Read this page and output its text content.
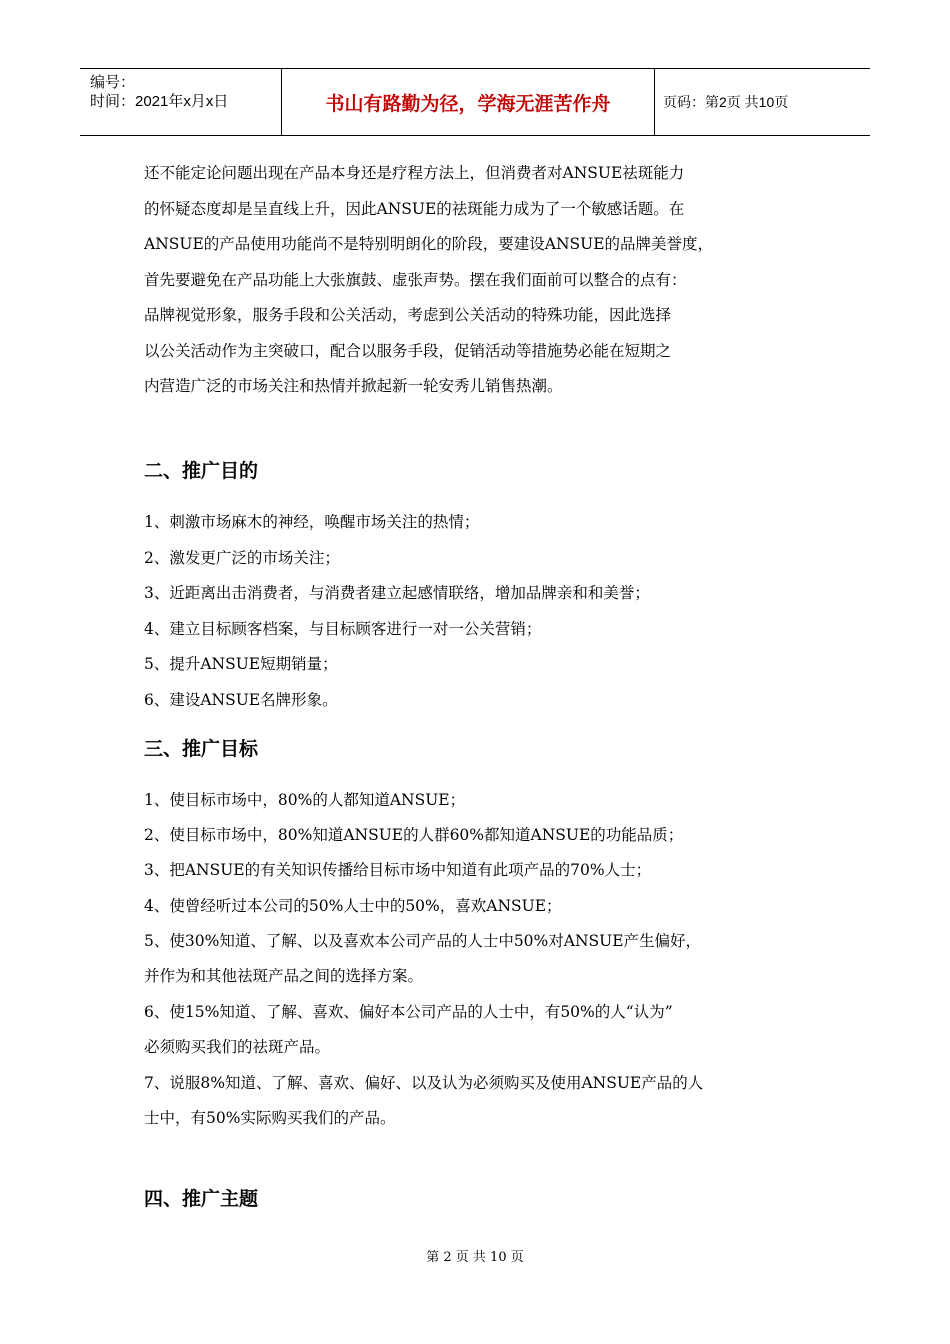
编号：
时间：2021年x月x日	书山有路勤为径，学海无涯苦作舟	页码：第2页 共10页
还不能定论问题出现在产品本身还是疗程方法上，但消费者对ANSUE祛斑能力
的怀疑态度却是呈直线上升，因此ANSUE的祛斑能力成为了一个敏感话题。在
ANSUE的产品使用功能尚不是特别明朗化的阶段，要建设ANSUE的品牌美誉度，
首先要避免在产品功能上大张旗鼓、虚张声势。摆在我们面前可以整合的点有：
品牌视觉形象，服务手段和公关活动，考虑到公关活动的特殊功能，因此选择
以公关活动作为主突破口，配合以服务手段，促销活动等措施势必能在短期之
内营造广泛的市场关注和热情并掀起新一轮安秀儿销售热潮。
二、推广目的
1、刺激市场麻木的神经，唤醒市场关注的热情；
2、激发更广泛的市场关注；
3、近距离出击消费者，与消费者建立起感情联络，增加品牌亲和和美誉；
4、建立目标顾客档案，与目标顾客进行一对一公关营销；
5、提升ANSUE短期销量；
6、建设ANSUE名牌形象。
三、推广目标
1、使目标市场中，80%的人都知道ANSUE；
2、使目标市场中，80%知道ANSUE的人群60%都知道ANSUE的功能品质；
3、把ANSUE的有关知识传播给目标市场中知道有此项产品的70%人士；
4、使曾经听过本公司的50%人士中的50%，喜欢ANSUE；
5、使30%知道、了解、以及喜欢本公司产品的人士中50%对ANSUE产生偏好，
并作为和其他祛斑产品之间的选择方案。
6、使15%知道、了解、喜欢、偏好本公司产品的人士中，有50%的人“认为”
必须购买我们的祛斑产品。
7、说服8%知道、了解、喜欢、偏好、以及认为必须购买及使用ANSUE产品的人
士中，有50%实际购买我们的产品。
四、推广主题
第 2 页 共 10 页
